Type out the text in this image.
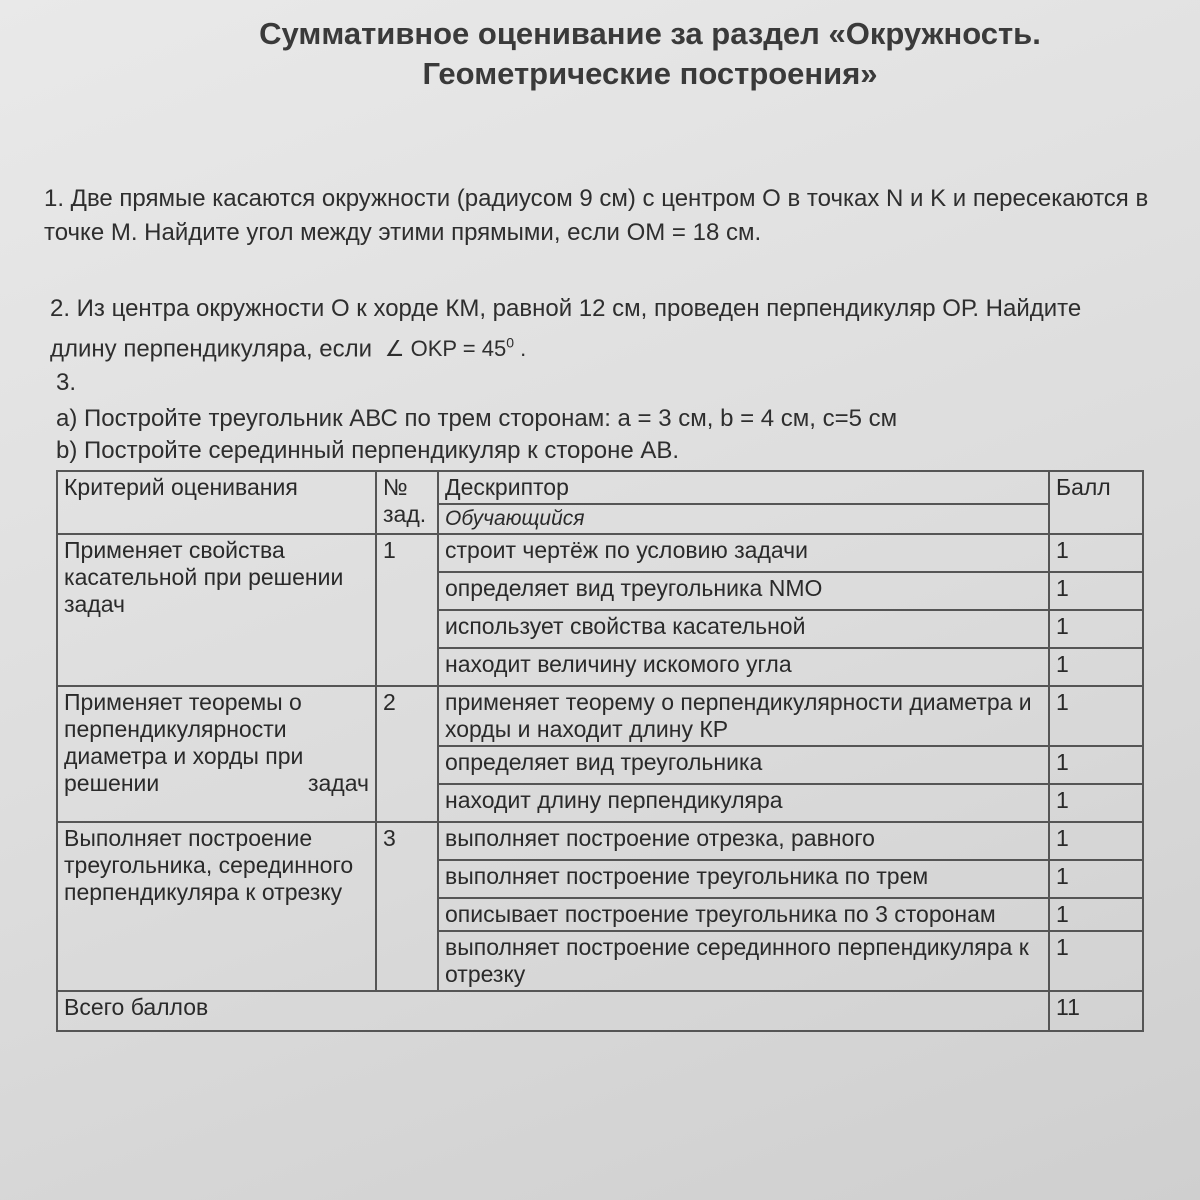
Суммативное оценивание за раздел «Окружность.
Геометрические построения»
1. Две прямые касаются окружности (радиусом 9 см) с центром О в точках N и K и пересекаются в точке M. Найдите угол между этими прямыми, если ОМ = 18 см.
2. Из центра окружности О к хорде КМ, равной 12 см, проведен перпендикуляр ОР. Найдите длину перпендикуляра, если ∠ OKP = $45^0$ .
3.
a) Постройте треугольник АВС по трем сторонам: a = 3 см, b = 4 см, c=5 см
b) Постройте серединный перпендикуляр к стороне АВ.
Критерий оценивания	№ зад.	Дескриптор	Балл
		Обучающийся	
Применяет свойства касательной при решении задач	1	строит чертёж по условию задачи	1
		определяет вид треугольника NMO	1
		использует свойства касательной	1
		находит величину искомого угла	1
Применяет теоремы о перпендикулярности диаметра и хорды при решении задач	2	применяет теорему о перпендикулярности диаметра и хорды и находит длину КР	1
		определяет вид треугольника	1
		находит длину перпендикуляра	1
Выполняет построение треугольника, серединного перпендикуляра к отрезку	3	выполняет построение отрезка, равного	1
		выполняет построение треугольника по трем	1
		описывает построение треугольника по 3 сторонам	1
		выполняет построение серединного перпендикуляра к отрезку	1
Всего баллов			11
